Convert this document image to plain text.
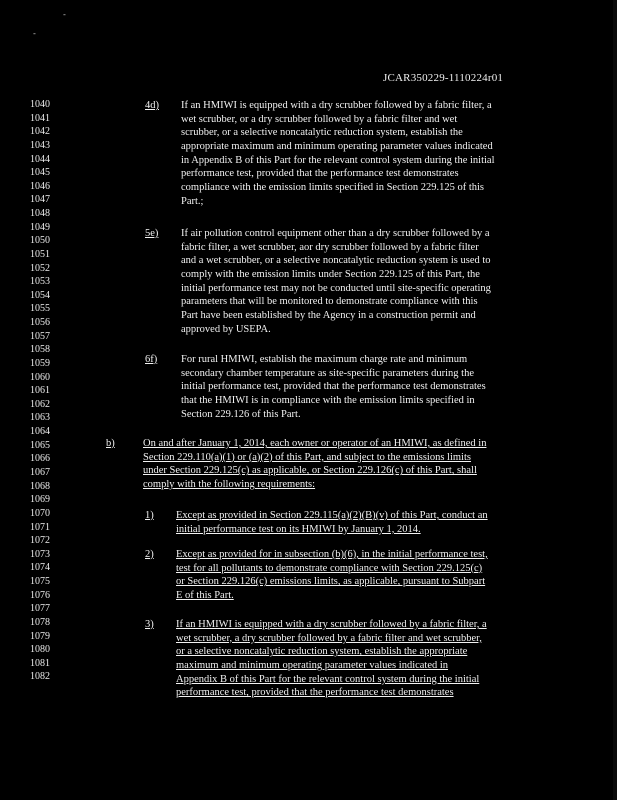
-
-
JCAR350229-1110224r01
1040
1041
1042
1043
1044
1045
1046
1047
1048
1049
1050
1051
1052
1053
1054
1055
1056
1057
1058
1059
1060
1061
1062
1063
1064
1065
1066
1067
1068
1069
1070
1071
1072
1073
1074
1075
1076
1077
1078
1079
1080
1081
1082
4d) If an HMIWI is equipped with a dry scrubber followed by a fabric filter, a
wet scrubber, or a dry scrubber followed by a fabric filter and wet
scrubber, or a selective noncatalytic reduction system, establish the
appropriate maximum and minimum operating parameter values indicated
in Appendix B of this Part for the relevant control system during the initial
performance test, provided that the performance test demonstrates
compliance with the emission limits specified in Section 229.125 of this
Part.;
5e) If air pollution control equipment other than a dry scrubber followed by a
fabric filter, a wet scrubber, aor dry scrubber followed by a fabric filter
and a wet scrubber, or a selective noncatalytic reduction system is used to
comply with the emission limits under Section 229.125 of this Part, the
initial performance test may not be conducted until site-specific operating
parameters that will be monitored to demonstrate compliance with this
Part have been established by the Agency in a construction permit and
approved by USEPA.
6f) For rural HMIWI, establish the maximum charge rate and minimum
secondary chamber temperature as site-specific parameters during the
initial performance test, provided that the performance test demonstrates
that the HMIWI is in compliance with the emission limits specified in
Section 229.126 of this Part.
b)	On and after January 1, 2014, each owner or operator of an HMIWI, as defined in
Section 229.110(a)(1) or (a)(2) of this Part, and subject to the emissions limits
under Section 229.125(c) as applicable, or Section 229.126(c) of this Part, shall
comply with the following requirements:
1) Except as provided in Section 229.115(a)(2)(B)(v) of this Part, conduct an
initial performance test on its HMIWI by January 1, 2014.
2) Except as provided for in subsection (b)(6), in the initial performance test,
test for all pollutants to demonstrate compliance with Section 229.125(c)
or Section 229.126(c) emissions limits, as applicable, pursuant to Subpart
E of this Part.
3) If an HMIWI is equipped with a dry scrubber followed by a fabric filter, a
wet scrubber, a dry scrubber followed by a fabric filter and wet scrubber,
or a selective noncatalytic reduction system, establish the appropriate
maximum and minimum operating parameter values indicated in
Appendix B of this Part for the relevant control system during the initial
performance test, provided that the performance test demonstrates
